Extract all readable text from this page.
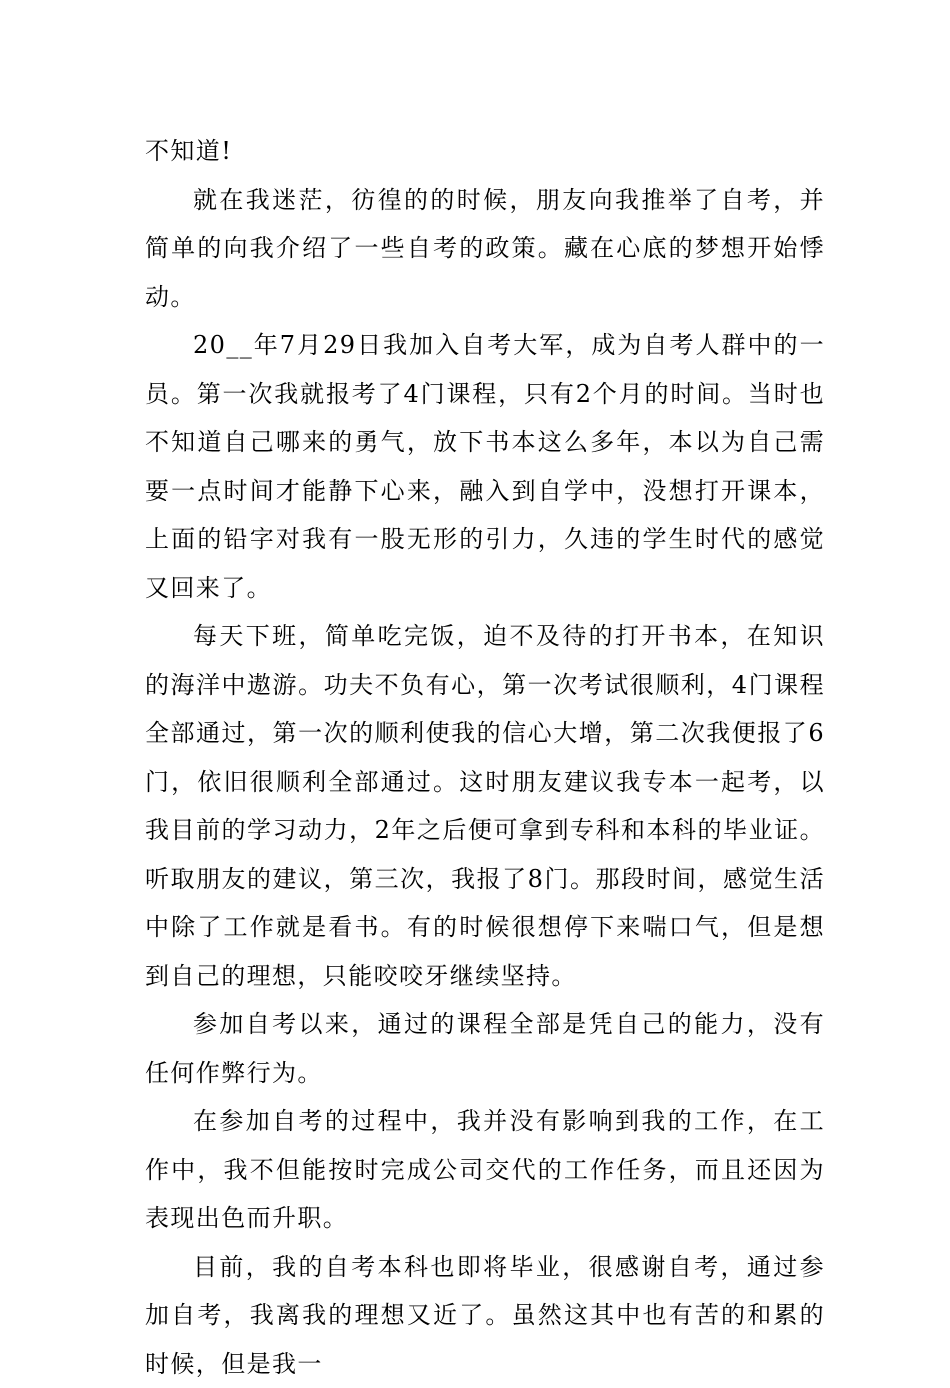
不知道!

就在我迷茫，彷徨的的时候，朋友向我推举了自考，并简单的向我介绍了一些自考的政策。藏在心底的梦想开始悸动。

20__年7月29日我加入自考大军，成为自考人群中的一员。第一次我就报考了4门课程，只有2个月的时间。当时也不知道自己哪来的勇气，放下书本这么多年，本以为自己需要一点时间才能静下心来，融入到自学中，没想打开课本，上面的铅字对我有一股无形的引力，久违的学生时代的感觉又回来了。

每天下班，简单吃完饭，迫不及待的打开书本，在知识的海洋中遨游。功夫不负有心，第一次考试很顺利，4门课程全部通过，第一次的顺利使我的信心大增，第二次我便报了6门，依旧很顺利全部通过。这时朋友建议我专本一起考，以我目前的学习动力，2年之后便可拿到专科和本科的毕业证。听取朋友的建议，第三次，我报了8门。那段时间，感觉生活中除了工作就是看书。有的时候很想停下来喘口气，但是想到自己的理想，只能咬咬牙继续坚持。

参加自考以来，通过的课程全部是凭自己的能力，没有任何作弊行为。

在参加自考的过程中，我并没有影响到我的工作，在工作中，我不但能按时完成公司交代的工作任务，而且还因为表现出色而升职。

目前，我的自考本科也即将毕业，很感谢自考，通过参加自考，我离我的理想又近了。虽然这其中也有苦的和累的时候，但是我一
